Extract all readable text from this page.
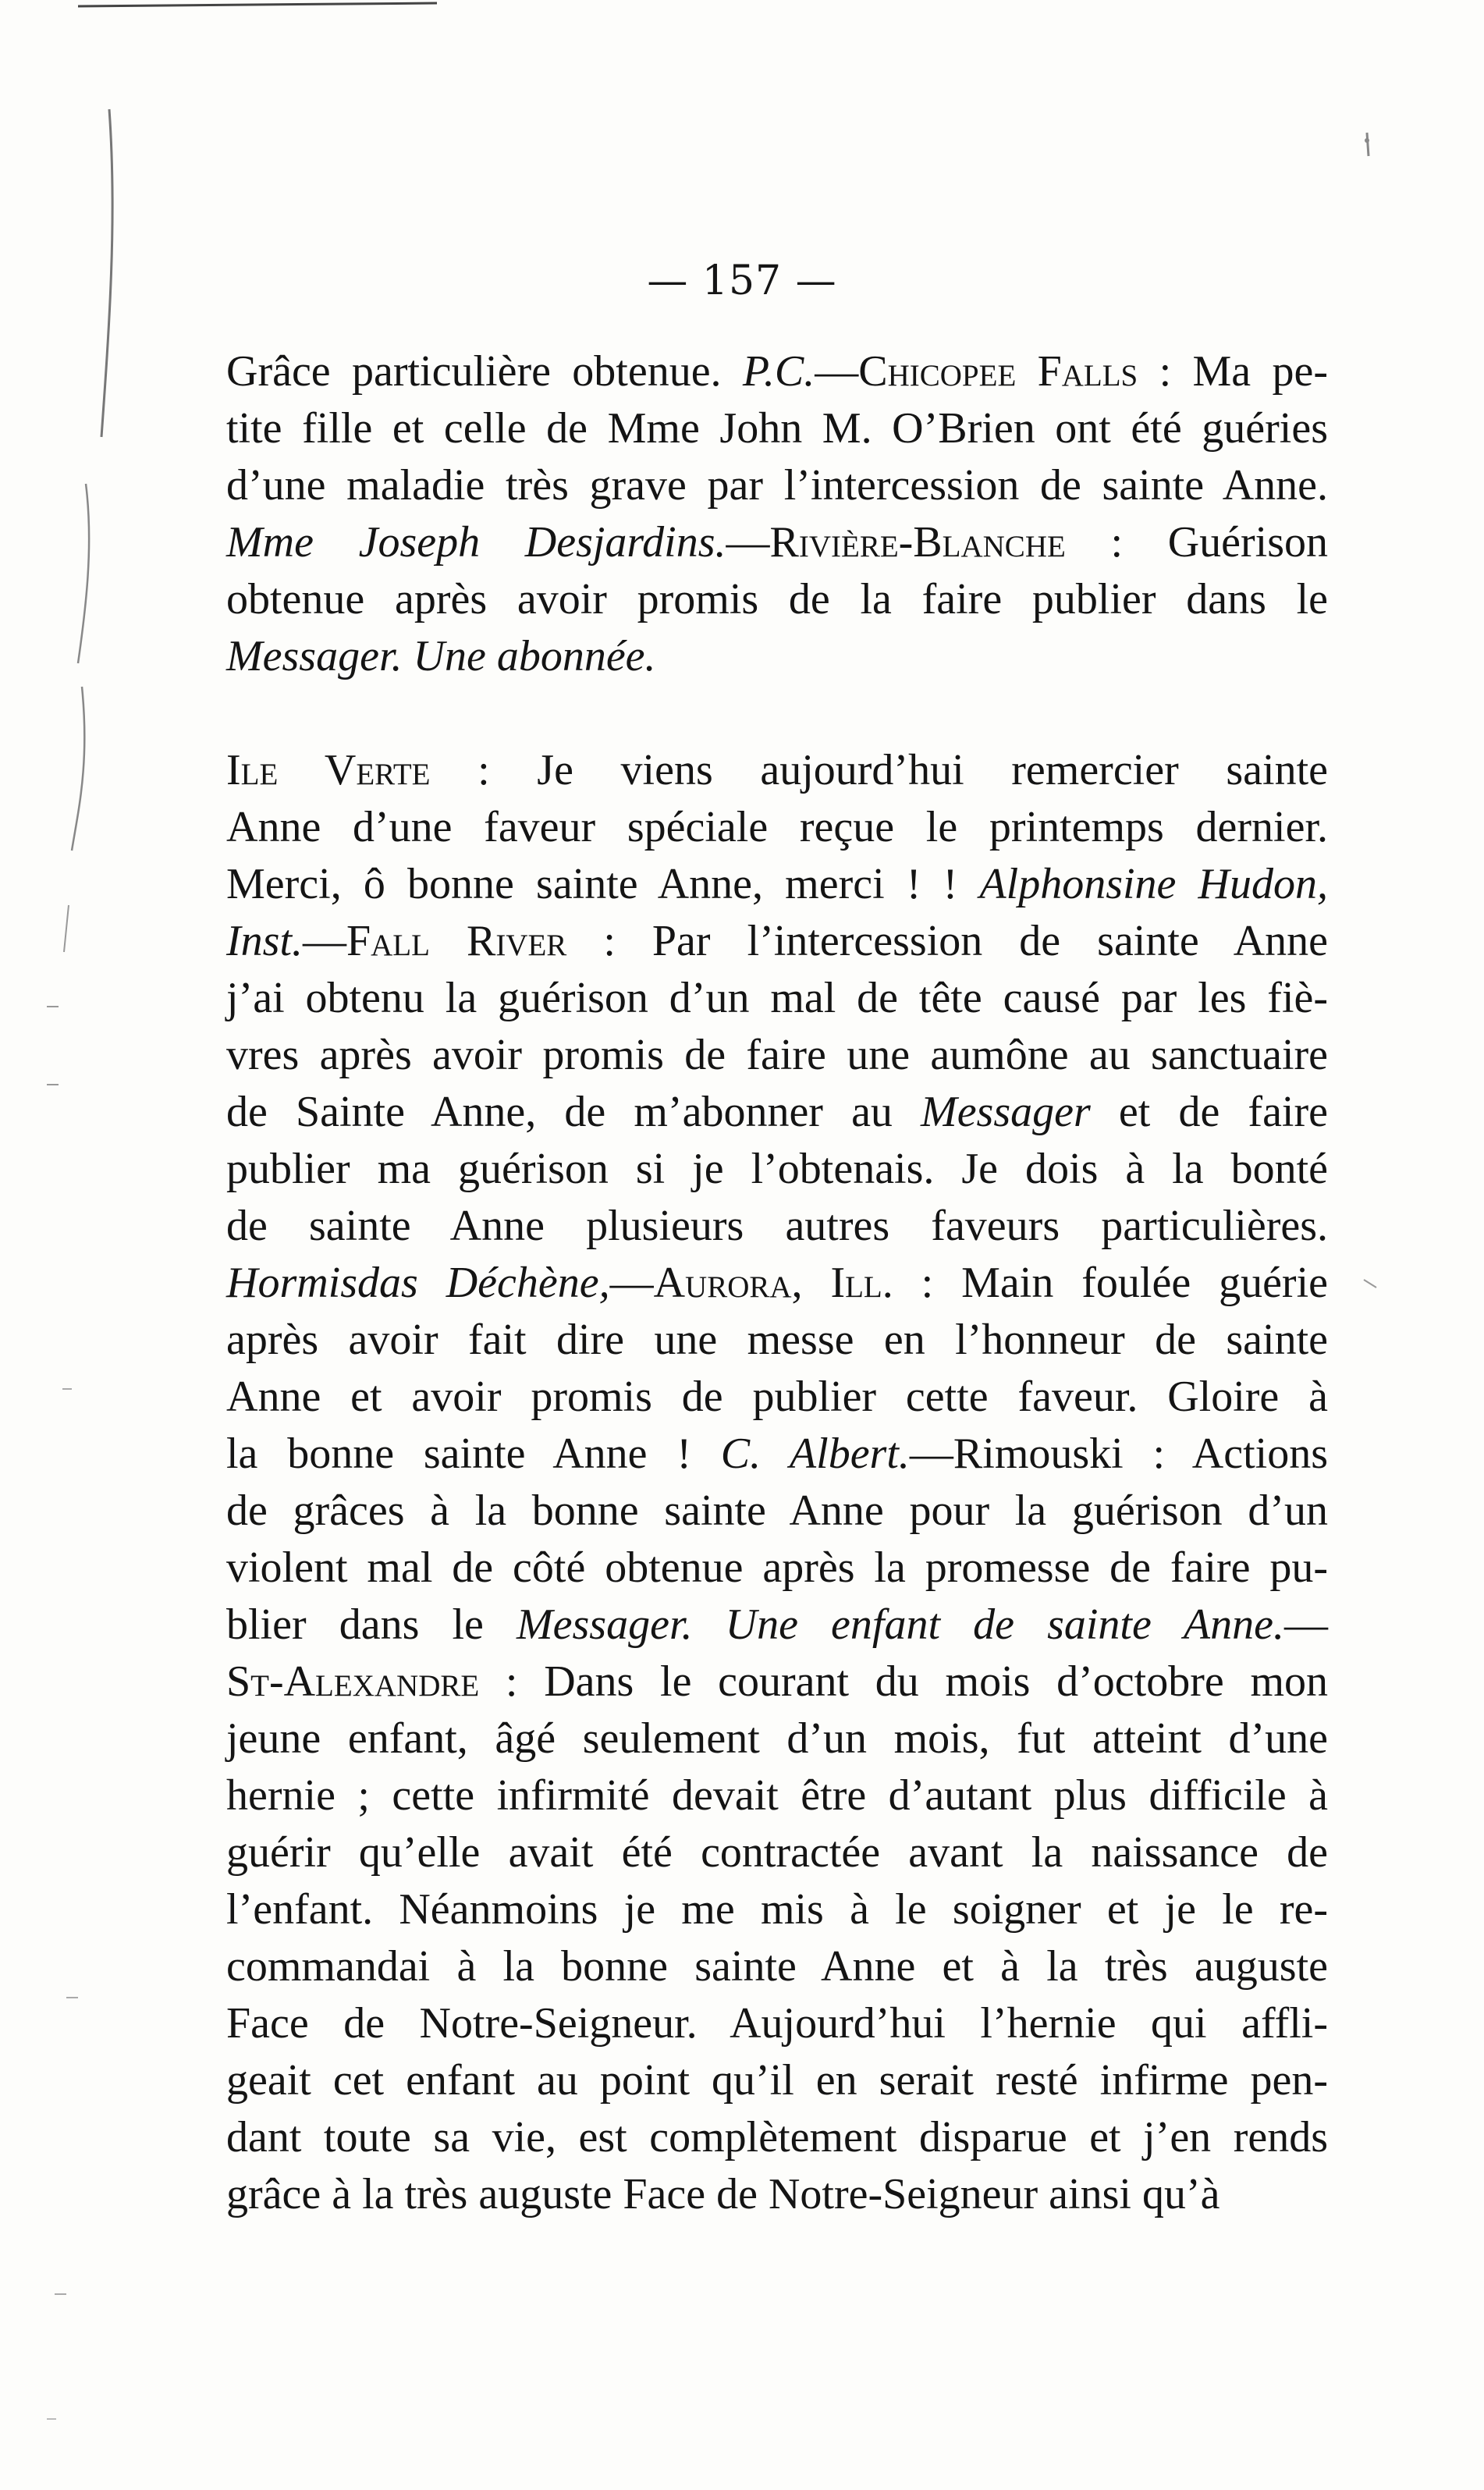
— 157 —
Grâce particulière obtenue. P.C.—Chicopee Falls : Ma pe-
tite fille et celle de Mme John M. O’Brien ont été guéries
d’une maladie très grave par l’intercession de sainte Anne.
Mme Joseph Desjardins.—Rivière-Blanche : Guérison
obtenue après avoir promis de la faire publier dans le
Messager. Une abonnée.
Ile Verte : Je viens aujourd’hui remercier sainte
Anne d’une faveur spéciale reçue le printemps dernier.
Merci, ô bonne sainte Anne, merci ! ! Alphonsine Hudon,
Inst.—Fall River : Par l’intercession de sainte Anne
j’ai obtenu la guérison d’un mal de tête causé par les fiè-
vres après avoir promis de faire une aumône au sanctuaire
de Sainte Anne, de m’abonner au Messager et de faire
publier ma guérison si je l’obtenais. Je dois à la bonté
de sainte Anne plusieurs autres faveurs particulières.
Hormisdas Déchène,—Aurora, Ill. : Main foulée guérie
après avoir fait dire une messe en l’honneur de sainte
Anne et avoir promis de publier cette faveur. Gloire à
la bonne sainte Anne ! C. Albert.—Rimouski : Actions
de grâces à la bonne sainte Anne pour la guérison d’un
violent mal de côté obtenue après la promesse de faire pu-
blier dans le Messager. Une enfant de sainte Anne.—
St-Alexandre : Dans le courant du mois d’octobre mon
jeune enfant, âgé seulement d’un mois, fut atteint d’une
hernie ; cette infirmité devait être d’autant plus difficile à
guérir qu’elle avait été contractée avant la naissance de
l’enfant. Néanmoins je me mis à le soigner et je le re-
commandai à la bonne sainte Anne et à la très auguste
Face de Notre-Seigneur. Aujourd’hui l’hernie qui affli-
geait cet enfant au point qu’il en serait resté infirme pen-
dant toute sa vie, est complètement disparue et j’en rends
grâce à la très auguste Face de Notre-Seigneur ainsi qu’à
